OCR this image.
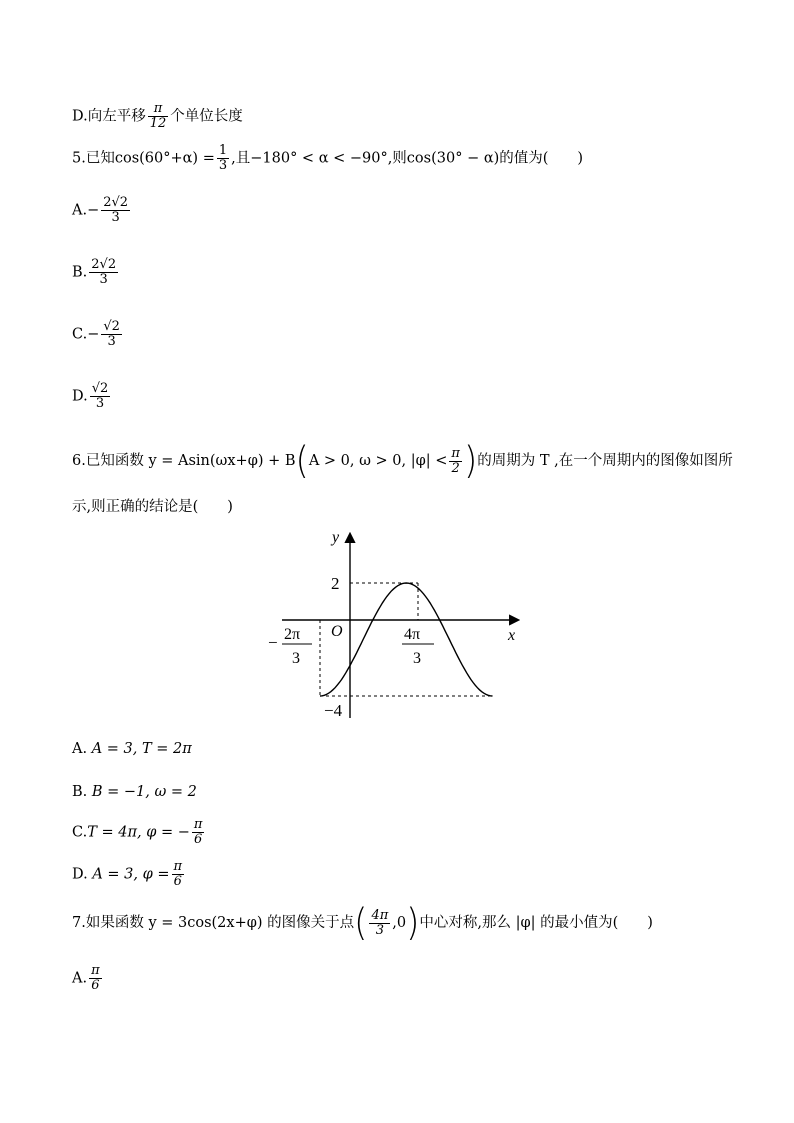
D.向左平移 $\frac{\pi}{12}$ 个单位长度
5.已知$\cos(60^\circ+\alpha) = \frac{1}{3}$ ,且−180° < α < −90°,则cos(30° − α)的值为(　　)
$A.- \frac{2√2}{3}$
B. $\frac{2√2}{3}$
$C.- \frac{√2}{3}$
D. $\frac{√2}{3}$
6.已知函数 y = Asin(ωx+φ) + B(A > 0, ω > 0, $|\varphi| < \frac{\pi}{2}$ )的周期为 T ,在一个周期内的图像如图所
示,则正确的结论是(　　)
y
x
O
2
−4
− 2π
3
4π
3
A. A = 3, T = 2π
B. B = −1, ω = 2
C.T = 4π, φ = − $\frac{\pi}{6}$
D. A = 3, $\varphi = \frac{\pi}{6}$
7.如果函数 y = 3cos(2x+φ) 的图像关于点( $\frac{4\pi}{3} ,0$)中心对称,那么 |φ| 的最小值为(　　)
A. $\frac{\pi}{6}$
